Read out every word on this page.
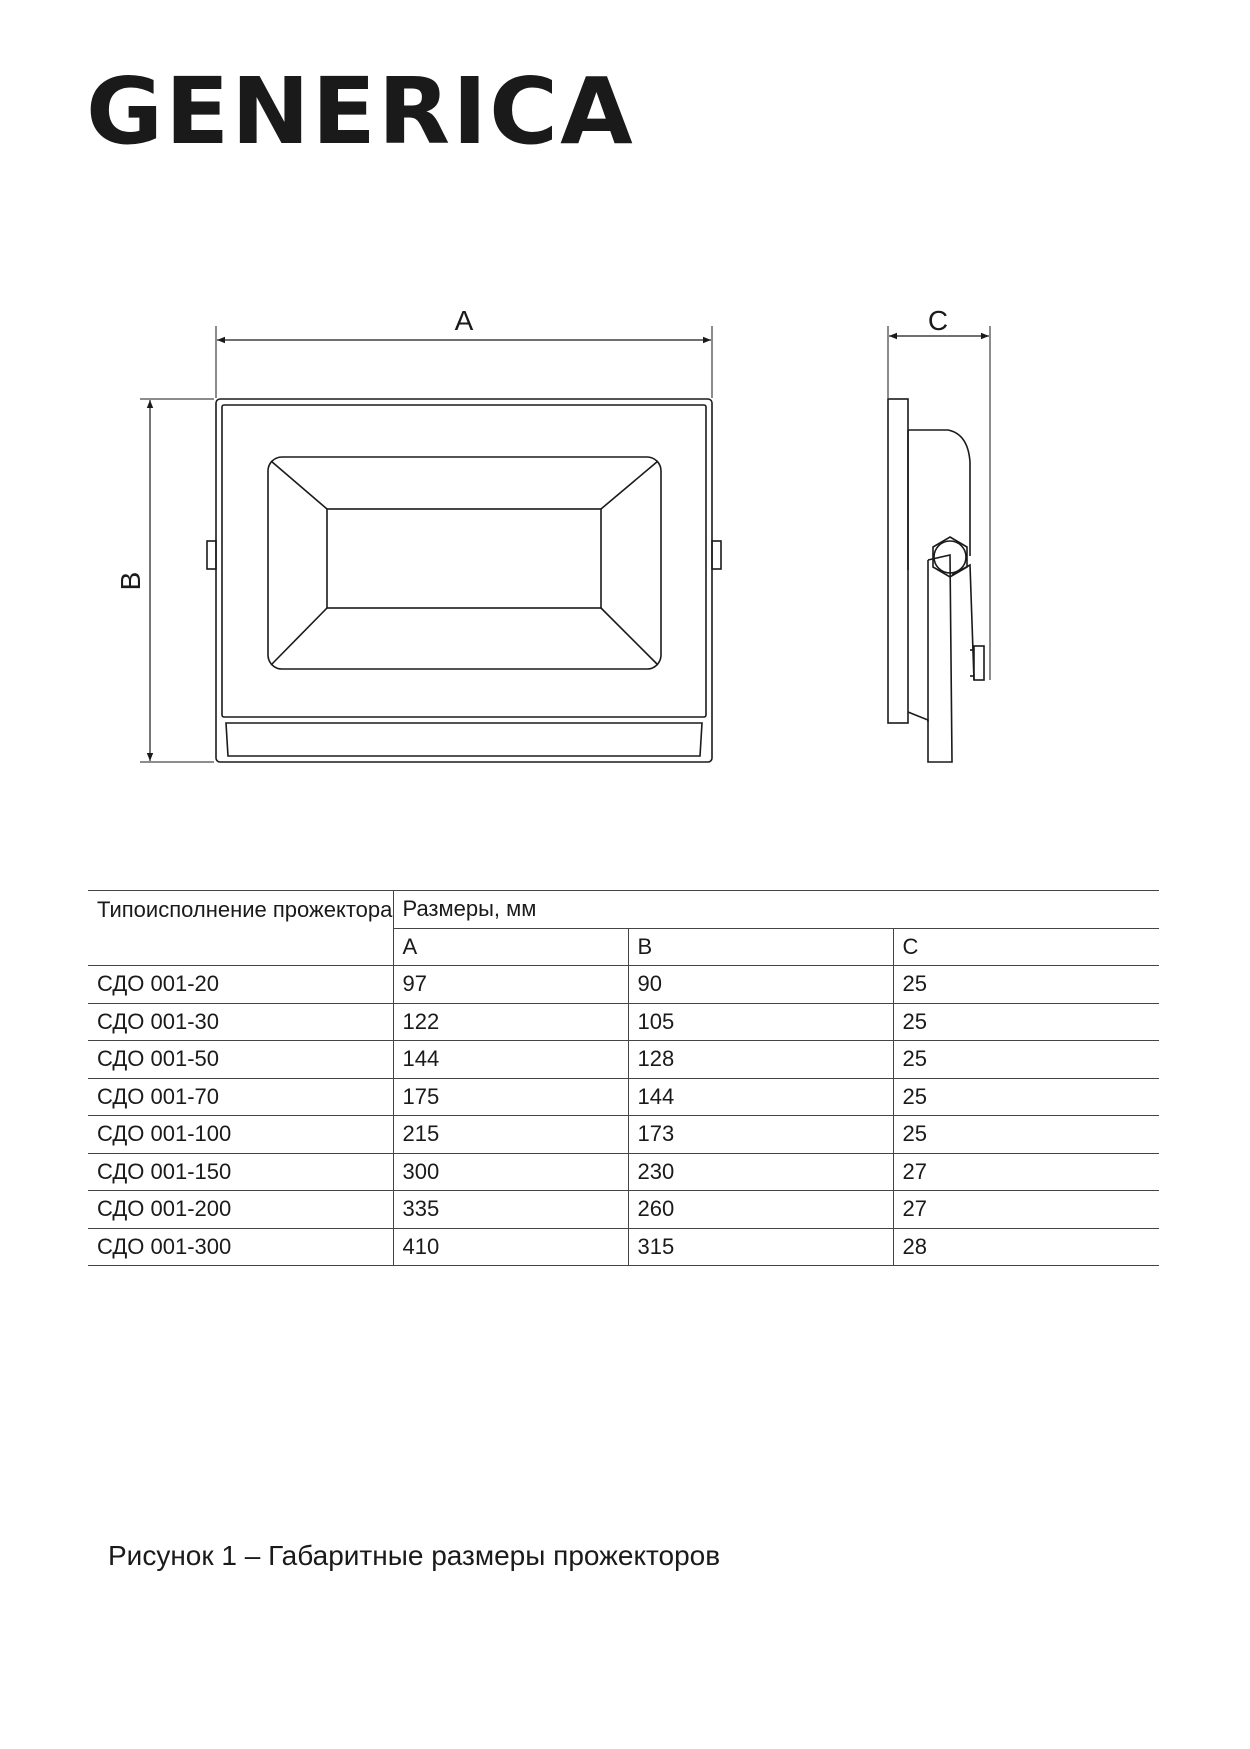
GENERICA
A
B
C
Типоисполнение прожектора	Размеры, мм		
	A	B	C
СДО 001-20	97	90	25
СДО 001-30	122	105	25
СДО 001-50	144	128	25
СДО 001-70	175	144	25
СДО 001-100	215	173	25
СДО 001-150	300	230	27
СДО 001-200	335	260	27
СДО 001-300	410	315	28
Рисунок 1 – Габаритные размеры прожекторов
